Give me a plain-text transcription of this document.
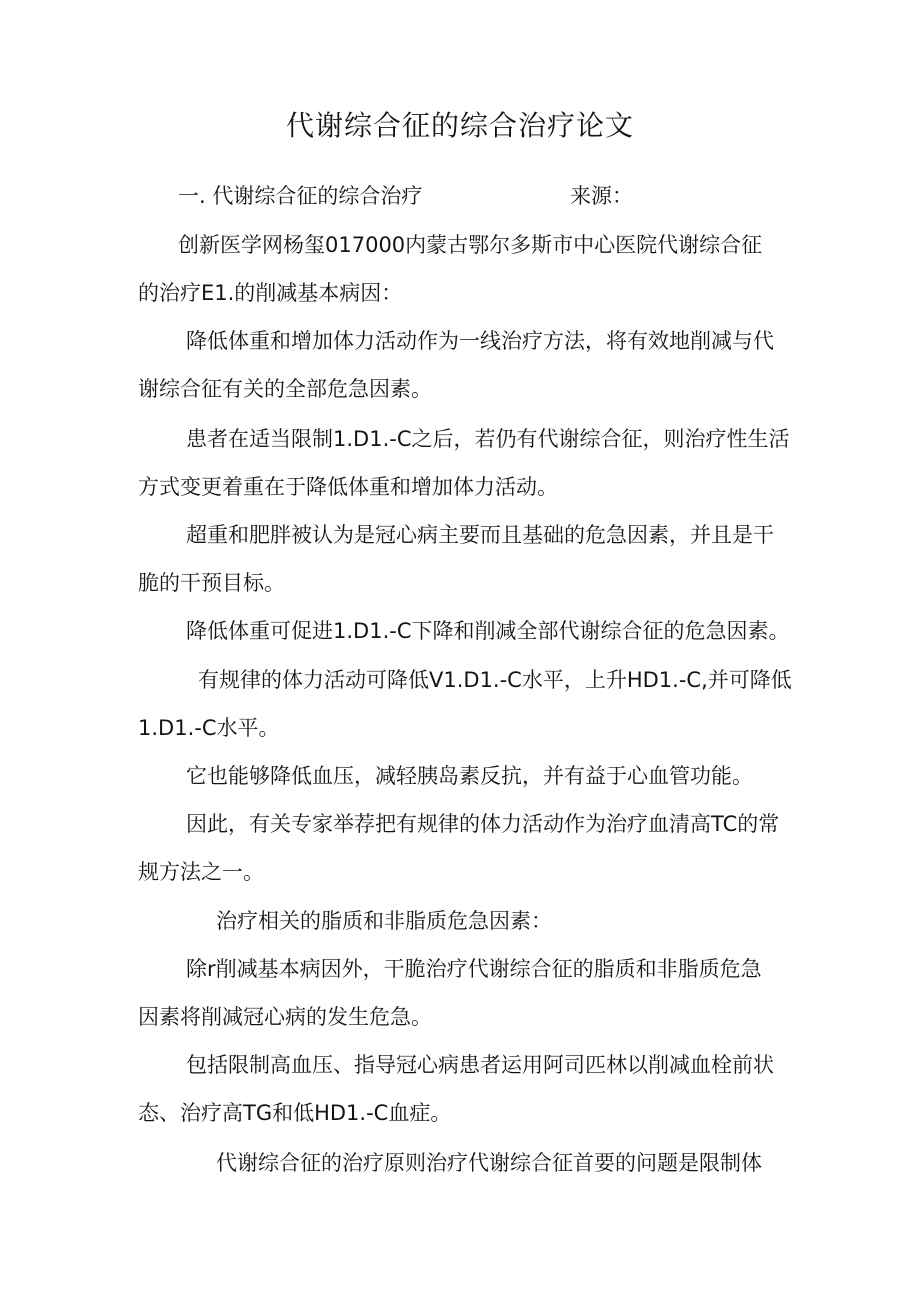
代谢综合征的综合治疗论文
一. 代谢综合征的综合治疗	来源：
创新医学网杨玺017000内蒙古鄂尔多斯市中心医院代谢综合征
的治疗E1.的削减基本病因：
降低体重和增加体力活动作为一线治疗方法，将有效地削减与代
谢综合征有关的全部危急因素。
患者在适当限制1.D1.-C之后，若仍有代谢综合征，则治疗性生活
方式变更着重在于降低体重和增加体力活动。
超重和肥胖被认为是冠心病主要而且基础的危急因素，并且是干
脆的干预目标。
降低体重可促进1.D1.-C下降和削减全部代谢综合征的危急因素。
有规律的体力活动可降低V1.D1.-C水平，上升HD1.-C,并可降低
1.D1.-C水平。
它也能够降低血压，减轻胰岛素反抗，并有益于心血管功能。
因此，有关专家举荐把有规律的体力活动作为治疗血清高TC的常
规方法之一。
治疗相关的脂质和非脂质危急因素：
除r削减基本病因外，干脆治疗代谢综合征的脂质和非脂质危急
因素将削减冠心病的发生危急。
包括限制高血压、指导冠心病患者运用阿司匹林以削减血栓前状
态、治疗高TG和低HD1.-C血症。
代谢综合征的治疗原则治疗代谢综合征首要的问题是限制体
